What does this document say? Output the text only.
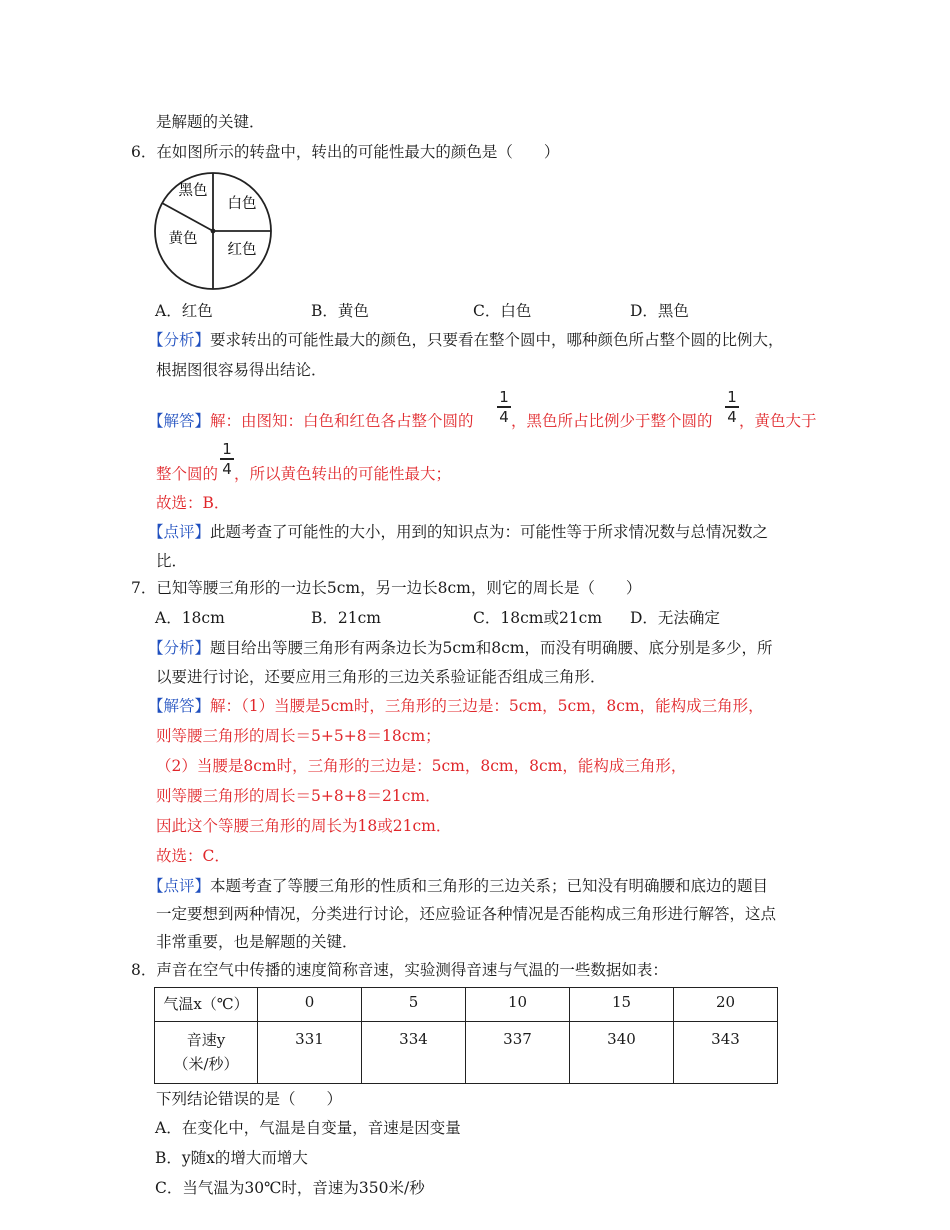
是解题的关键．
6．在如图所示的转盘中，转出的可能性最大的颜色是（　　）
黑色
白色
黄色
红色
A．红色	B．黄色	C．白色	D．黑色
【分析】要求转出的可能性最大的颜色，只要看在整个圆中，哪种颜色所占整个圆的比例大，
根据图很容易得出结论．
【解答】解：由图知：白色和红色各占整个圆的
1
4 ，黑色所占比例少于整个圆的
1
4 ，黄色大于
整个圆的
1
4 ，所以黄色转出的可能性最大；
故选：B．
【点评】此题考查了可能性的大小，用到的知识点为：可能性等于所求情况数与总情况数之
比．
7．已知等腰三角形的一边长5cm，另一边长8cm，则它的周长是（　　）
A．18cm	B．21cm	C．18cm或21cm D．无法确定
【分析】题目给出等腰三角形有两条边长为5cm和8cm，而没有明确腰、底分别是多少，所
以要进行讨论，还要应用三角形的三边关系验证能否组成三角形．
【解答】解：（1）当腰是5cm时，三角形的三边是：5cm，5cm，8cm，能构成三角形，
则等腰三角形的周长＝5+5+8＝18cm；
（2）当腰是8cm时，三角形的三边是：5cm，8cm，8cm，能构成三角形，
则等腰三角形的周长＝5+8+8＝21cm．
因此这个等腰三角形的周长为18或21cm．
故选：C．
【点评】本题考查了等腰三角形的性质和三角形的三边关系；已知没有明确腰和底边的题目
一定要想到两种情况，分类进行讨论，还应验证各种情况是否能构成三角形进行解答，这点
非常重要，也是解题的关键．
8．声音在空气中传播的速度简称音速，实验测得音速与气温的一些数据如表：
气温x（℃）	0	5	10	15	20

音速y
（米/秒）	331	334	337	340	343
下列结论错误的是（　　）
A．在变化中，气温是自变量，音速是因变量
B．y随x的增大而增大
C．当气温为30℃时，音速为350米/秒
